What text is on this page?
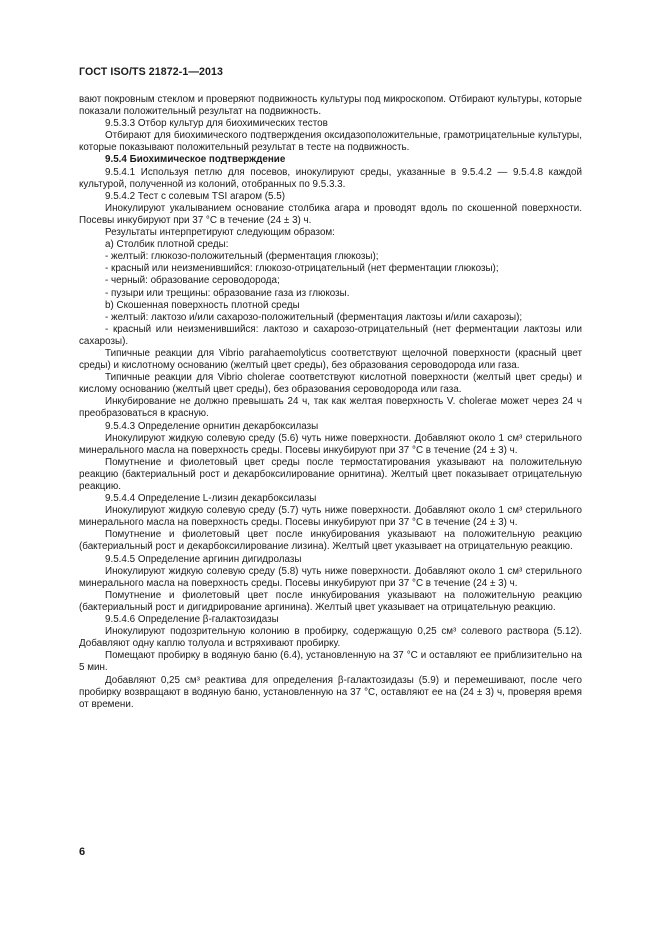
ГОСТ ISO/TS 21872-1—2013

вают покровным стеклом и проверяют подвижность культуры под микроскопом. Отбирают культуры, которые показали положительный результат на подвижность.

9.5.3.3 Отбор культур для биохимических тестов

Отбирают для биохимического подтверждения оксидазоположительные, грамотрицательные культуры, которые показывают положительный результат в тесте на подвижность.

9.5.4 Биохимическое подтверждение

9.5.4.1 Используя петлю для посевов, инокулируют среды, указанные в 9.5.4.2 — 9.5.4.8 каждой культурой, полученной из колоний, отобранных по 9.5.3.3.

9.5.4.2 Тест с солевым TSI агаром (5.5)

Инокулируют укалыванием основание столбика агара и проводят вдоль по скошенной поверхности. Посевы инкубируют при 37 °С в течение (24 ± 3) ч.

Результаты интерпретируют следующим образом:

а) Столбик плотной среды:

- желтый: глюкозо-положительный (ферментация глюкозы);

- красный или неизменившийся: глюкозо-отрицательный (нет ферментации глюкозы);

- черный: образование сероводорода;

- пузыри или трещины: образование газа из глюкозы.

b) Скошенная поверхность плотной среды

- желтый: лактозо и/или сахарозо-положительный (ферментация лактозы и/или сахарозы);

- красный или неизменившийся: лактозо и сахарозо-отрицательный (нет ферментации лактозы или сахарозы).

Типичные реакции для Vibrio parahaemolyticus соответствуют щелочной поверхности (красный цвет среды) и кислотному основанию (желтый цвет среды), без образования сероводорода или газа.

Типичные реакции для Vibrio cholerae соответствуют кислотной поверхности (желтый цвет среды) и кислому основанию (желтый цвет среды), без образования сероводорода или газа.

Инкубирование не должно превышать 24 ч, так как желтая поверхность V. cholerae может через 24 ч преобразоваться в красную.

9.5.4.3 Определение орнитин декарбоксилазы

Инокулируют жидкую солевую среду (5.6) чуть ниже поверхности. Добавляют около 1 см³ стерильного минерального масла на поверхность среды. Посевы инкубируют при 37 °С в течение (24 ± 3) ч.

Помутнение и фиолетовый цвет среды после термостатирования указывают на положительную реакцию (бактериальный рост и декарбоксилирование орнитина). Желтый цвет показывает отрицательную реакцию.

9.5.4.4 Определение L-лизин декарбоксилазы

Инокулируют жидкую солевую среду (5.7) чуть ниже поверхности. Добавляют около 1 см³ стерильного минерального масла на поверхность среды. Посевы инкубируют при 37 °С в течение (24 ± 3) ч.

Помутнение и фиолетовый цвет после инкубирования указывают на положительную реакцию (бактериальный рост и декарбоксилирование лизина). Желтый цвет указывает на отрицательную реакцию.

9.5.4.5 Определение аргинин дигидролазы

Инокулируют жидкую солевую среду (5.8) чуть ниже поверхности. Добавляют около 1 см³ стерильного минерального масла на поверхность среды. Посевы инкубируют при 37 °С в течение (24 ± 3) ч.

Помутнение и фиолетовый цвет после инкубирования указывают на положительную реакцию (бактериальный рост и дигидрирование аргинина). Желтый цвет указывает на отрицательную реакцию.

9.5.4.6 Определение β-галактозидазы

Инокулируют подозрительную колонию в пробирку, содержащую 0,25 см³ солевого раствора (5.12). Добавляют одну каплю толуола и встряхивают пробирку.

Помещают пробирку в водяную баню (6.4), установленную на 37 °С и оставляют ее приблизительно на 5 мин.

Добавляют 0,25 см³ реактива для определения β-галактозидазы (5.9) и перемешивают, после чего пробирку возвращают в водяную баню, установленную на 37 °С, оставляют ее на (24 ± 3) ч, проверяя время от времени.

6
